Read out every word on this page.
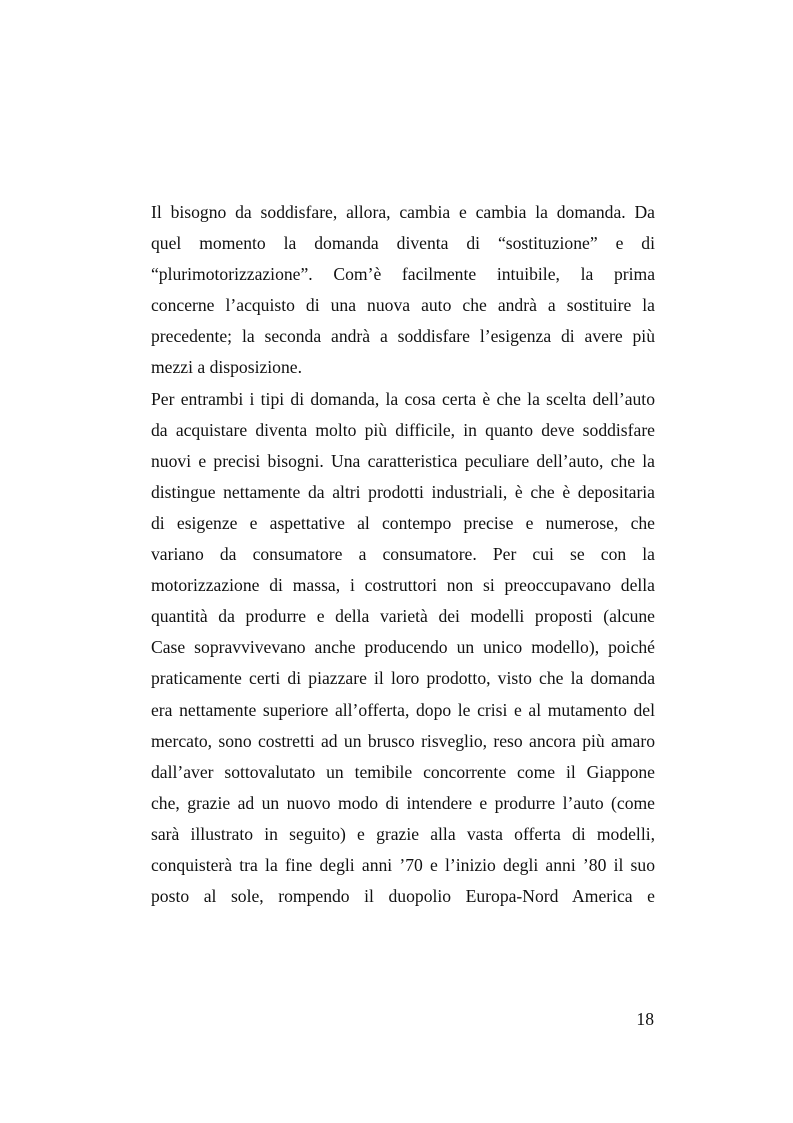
Il bisogno da soddisfare, allora, cambia e cambia la domanda. Da
quel momento la domanda diventa di “sostituzione” e di
“plurimotorizzazione”. Com’è facilmente intuibile, la prima
concerne l’acquisto di una nuova auto che andrà a sostituire la
precedente; la seconda andrà a soddisfare l’esigenza di avere più
mezzi a disposizione.
Per entrambi i tipi di domanda, la cosa certa è che la scelta dell’auto
da acquistare diventa molto più difficile, in quanto deve soddisfare
nuovi e precisi bisogni. Una caratteristica peculiare dell’auto, che la
distingue nettamente da altri prodotti industriali, è che è depositaria
di esigenze e aspettative al contempo precise e numerose, che
variano da consumatore a consumatore. Per cui se con la
motorizzazione di massa, i costruttori non si preoccupavano della
quantità da produrre e della varietà dei modelli proposti (alcune
Case sopravvivevano anche producendo un unico modello), poiché
praticamente certi di piazzare il loro prodotto, visto che la domanda
era nettamente superiore all’offerta, dopo le crisi e al mutamento del
mercato, sono costretti ad un brusco risveglio, reso ancora più amaro
dall’aver sottovalutato un temibile concorrente come il Giappone
che, grazie ad un nuovo modo di intendere e produrre l’auto (come
sarà illustrato in seguito) e grazie alla vasta offerta di modelli,
conquisterà tra la fine degli anni ’70 e l’inizio degli anni ’80 il suo
posto al sole, rompendo il duopolio Europa-Nord America e
18
